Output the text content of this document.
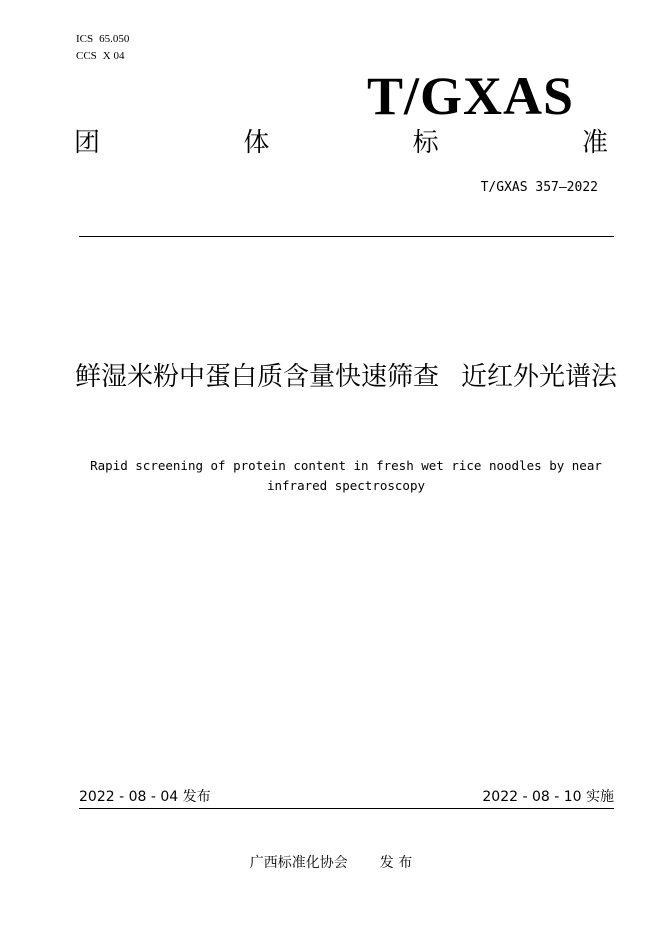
ICS 65.050
CCS X 04
T/GXAS
团	体	标	准
T/GXAS 357—2022
鲜湿米粉中蛋白质含量快速筛查 近红外光谱法
Rapid screening of protein content in fresh wet rice noodles by near infrared spectroscopy
2022 - 08 - 04 发布	2022 - 08 - 10 实施
广西标准化协会 发 布
